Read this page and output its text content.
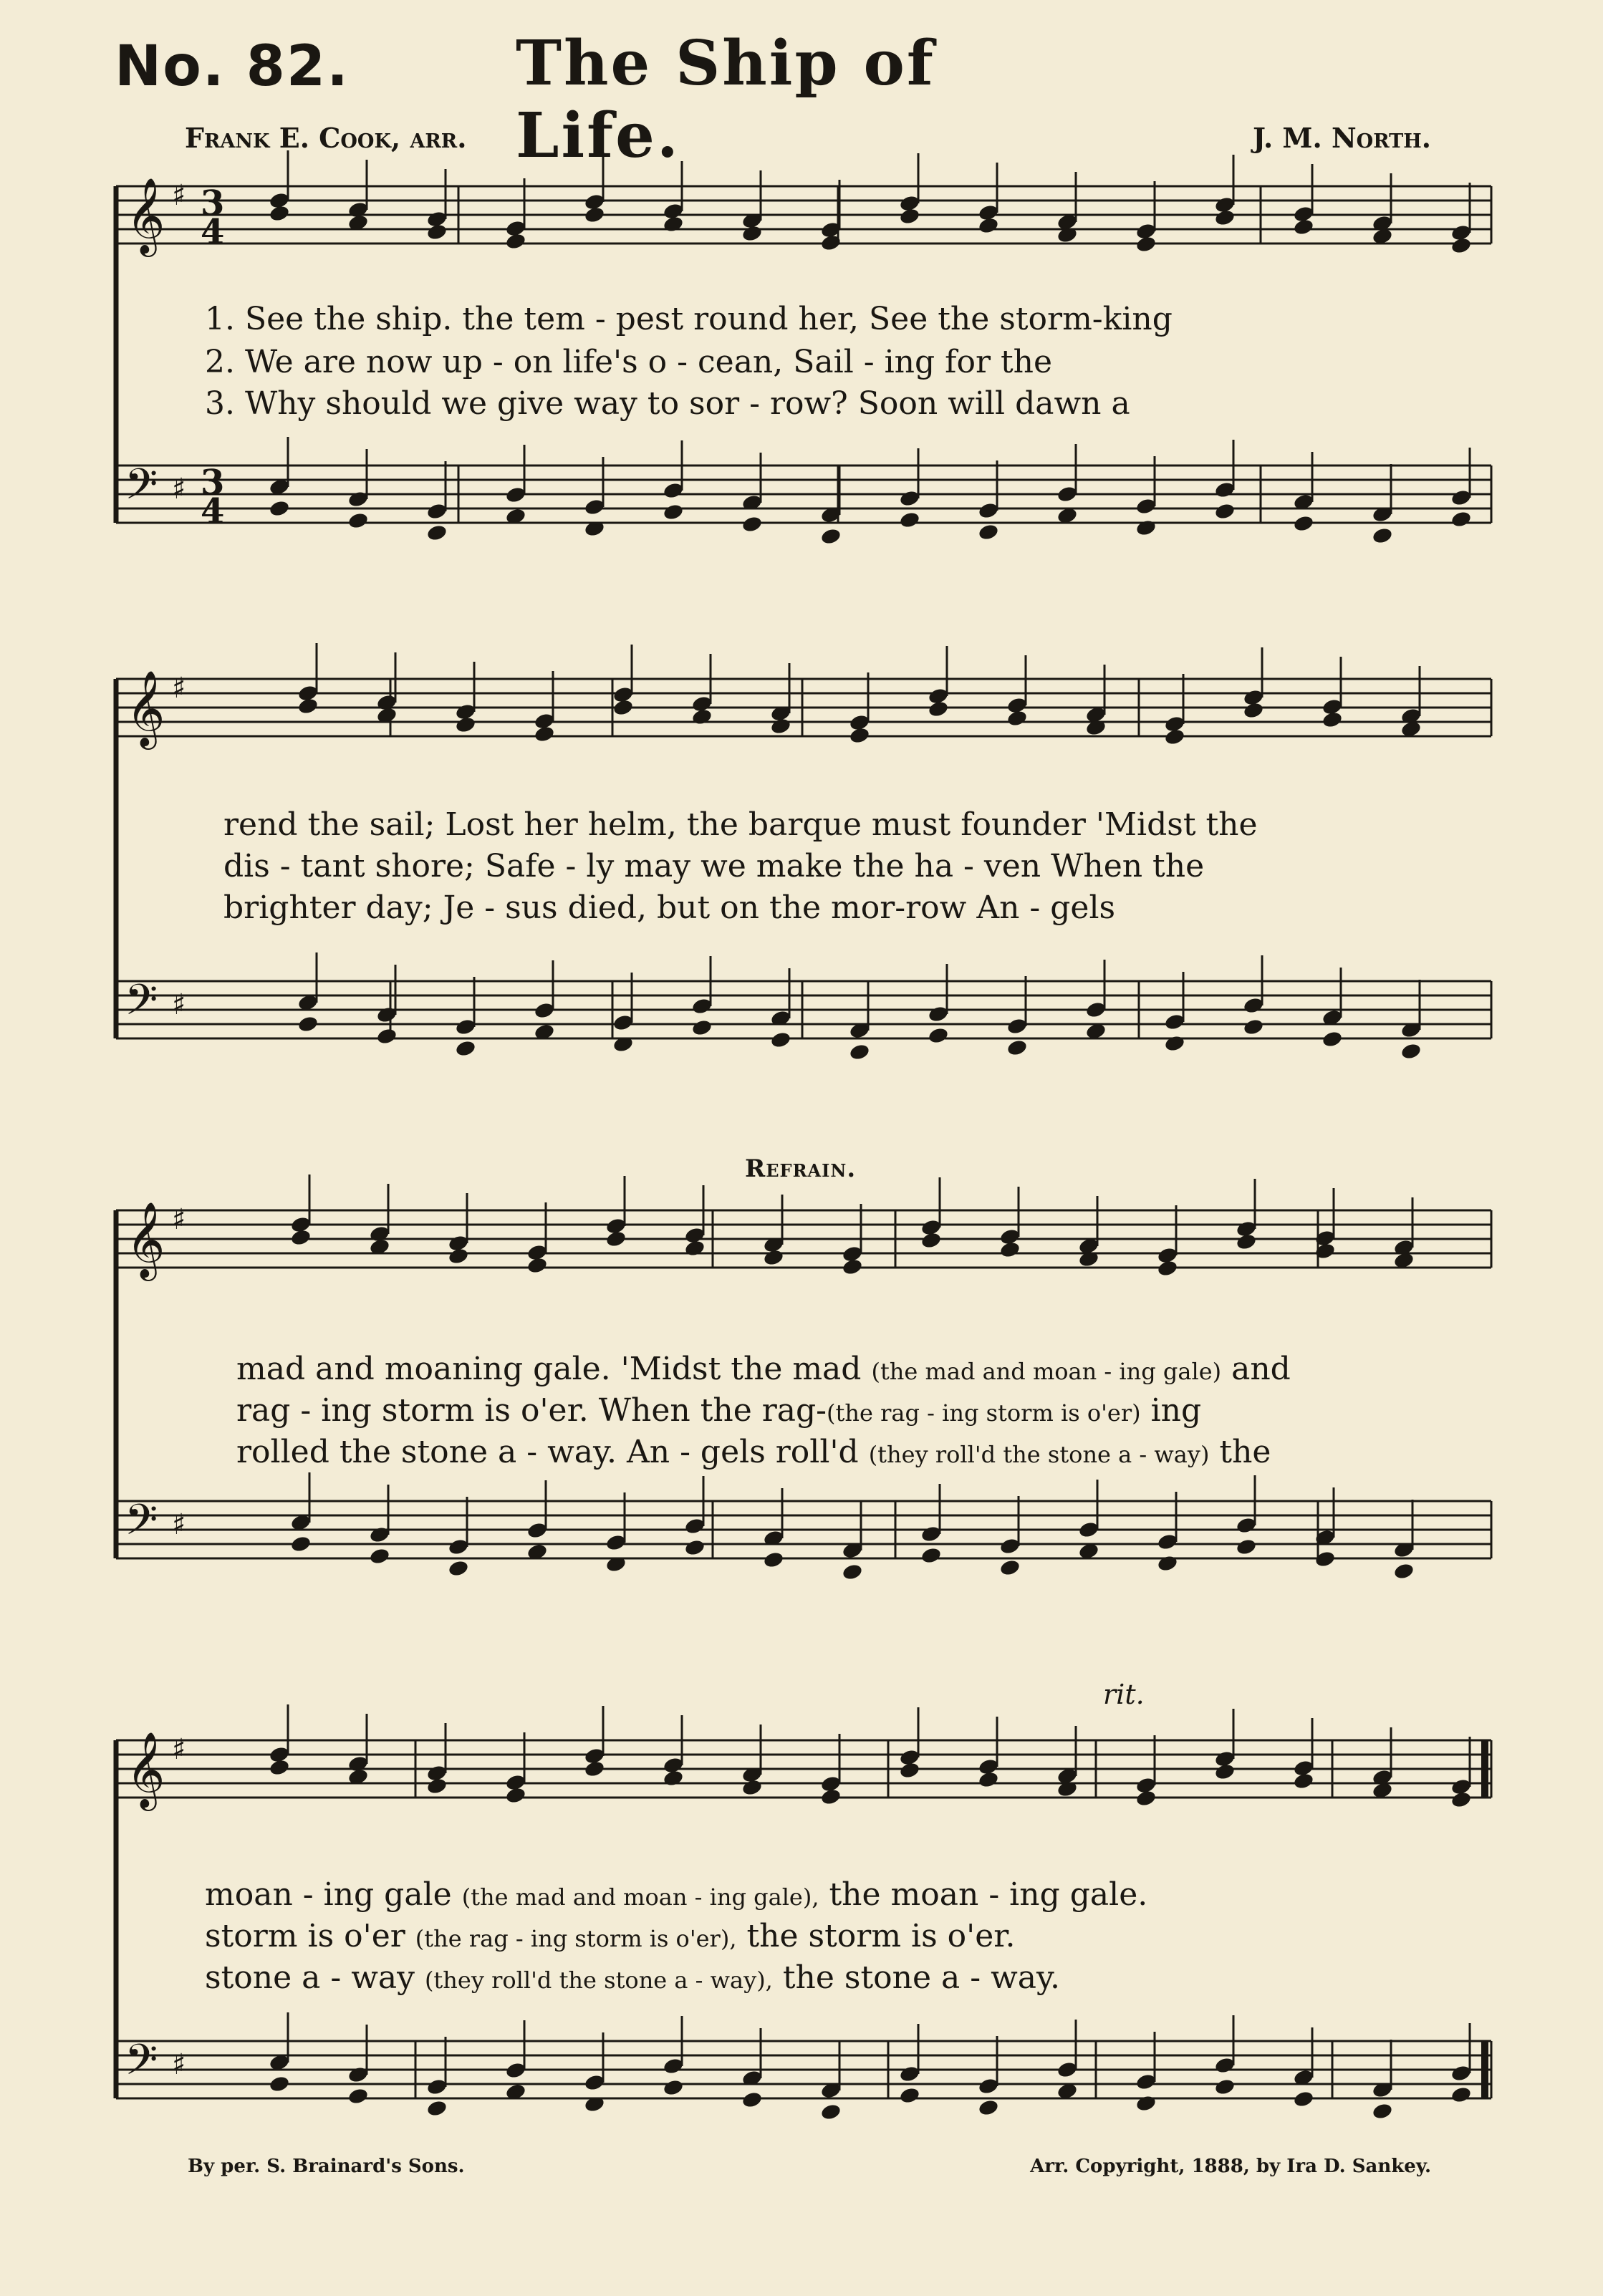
No. 82.	The Ship of Life.
Frank E. Cook, arr.	J. M. North.
𝄞 ♯ 3
4
𝄢 ♯ 3
4
𝄞 ♯
𝄢 ♯
𝄞 ♯
𝄢 ♯
𝄞 ♯
𝄢 ♯
1. See the ship. the tem - pest round her, See the storm-king
2. We are now up - on life's o - cean, Sail - ing for the
3. Why should we give way to sor - row? Soon will dawn a
rend the sail; Lost her helm, the barque must founder 'Midst the
dis - tant shore; Safe - ly may we make the ha - ven When the
brighter day; Je - sus died, but on the mor-row An - gels
Refrain.
mad and moaning gale. 'Midst the mad (the mad and moan - ing gale) and
rag - ing storm is o'er. When the rag-(the rag - ing storm is o'er) ing
rolled the stone a - way. An - gels roll'd (they roll'd the stone a - way) the
rit.
moan - ing gale (the mad and moan - ing gale), the moan - ing gale.
storm is o'er (the rag - ing storm is o'er), the storm is o'er.
stone a - way (they roll'd the stone a - way), the stone a - way.
By per. S. Brainard's Sons.	Arr. Copyright, 1888, by Ira D. Sankey.
